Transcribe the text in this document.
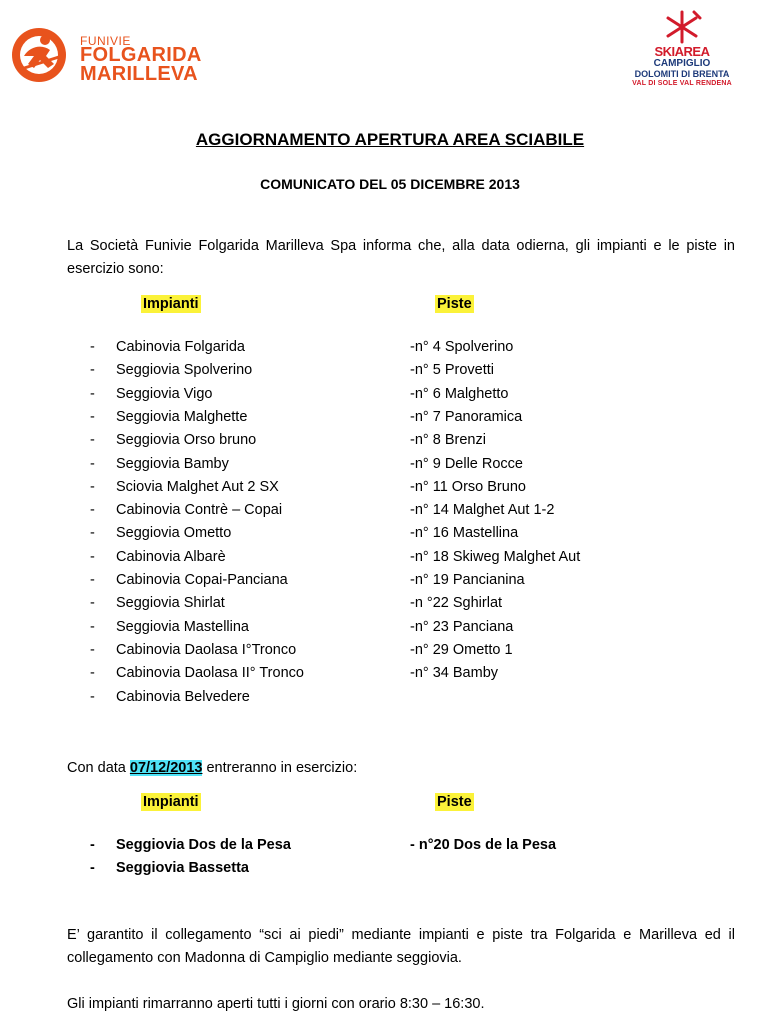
FUNIVIE
FOLGARIDA
MARILLEVA
SKIAREA
CAMPIGLIO
DOLOMITI DI BRENTA
VAL DI SOLE VAL RENDENA
AGGIORNAMENTO APERTURA AREA SCIABILE
COMUNICATO DEL 05 DICEMBRE 2013
La Società Funivie Folgarida Marilleva Spa informa che, alla data odierna, gli impianti e le piste in esercizio sono:
Impianti	Piste
- Cabinovia Folgarida	-n° 4 Spolverino
- Seggiovia Spolverino	-n° 5 Provetti
- Seggiovia Vigo	-n° 6 Malghetto
- Seggiovia Malghette	-n° 7 Panoramica
- Seggiovia Orso bruno	-n° 8 Brenzi
- Seggiovia Bamby	-n° 9 Delle Rocce
- Sciovia Malghet Aut 2 SX	-n° 11 Orso Bruno
- Cabinovia Contrè – Copai	-n° 14 Malghet Aut 1-2
- Seggiovia Ometto	-n° 16 Mastellina
- Cabinovia Albarè	-n° 18 Skiweg Malghet Aut
- Cabinovia Copai-Panciana	-n° 19 Pancianina
- Seggiovia Shirlat	-n °22 Sghirlat
- Seggiovia Mastellina	-n° 23 Panciana
- Cabinovia Daolasa I°Tronco	-n° 29 Ometto 1
- Cabinovia Daolasa II° Tronco	-n° 34 Bamby
- Cabinovia Belvedere
Con data 07/12/2013 entreranno in esercizio:
Impianti	Piste
- Seggiovia Dos de la Pesa	- n°20 Dos de la Pesa
- Seggiovia Bassetta
E’ garantito il collegamento “sci ai piedi” mediante impianti e piste tra Folgarida e Marilleva ed il collegamento con Madonna di Campiglio mediante seggiovia.
Gli impianti rimarranno aperti tutti i giorni con orario 8:30 – 16:30.
